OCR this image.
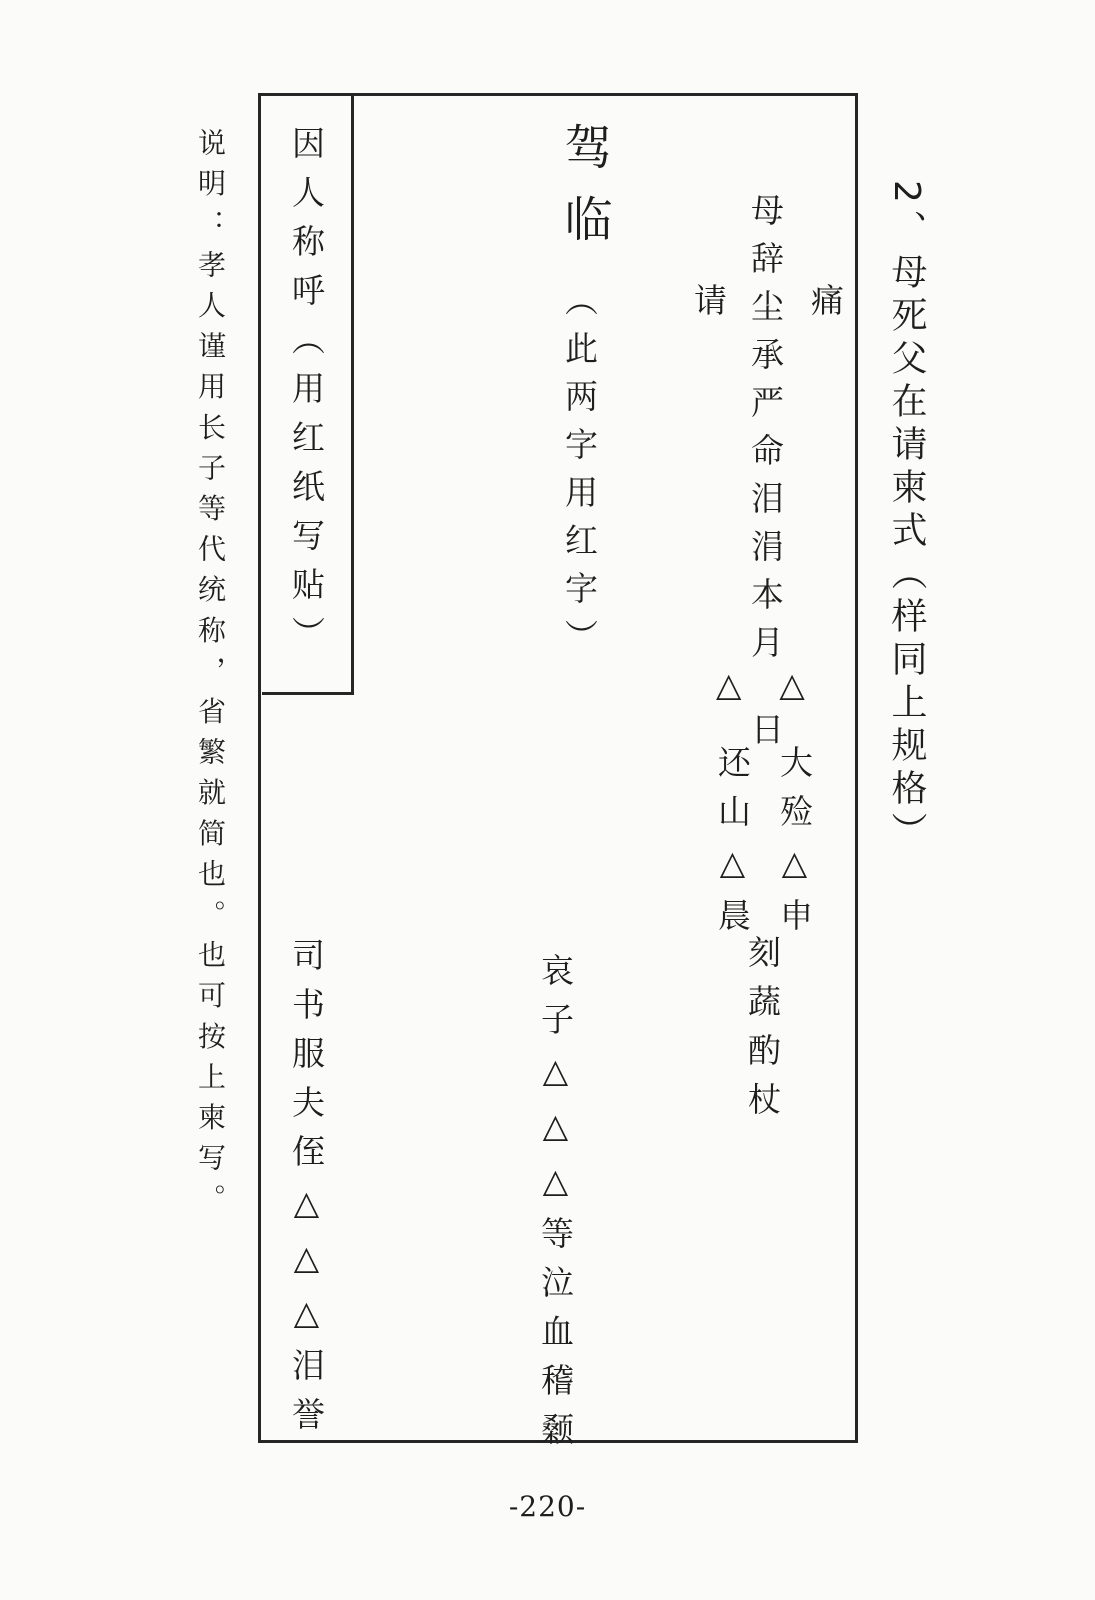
2、母死父在请柬式（样同上规格）
痛
母辞尘承严命泪涓本月
△△
日
大殓△申
请
还山△晨
刻蔬酌杖
驾临
（此两字用红字）
哀子△△△等泣血稽颡
因人称呼（用红纸写贴）
司书服夫侄△△△泪誉
说明：孝人谨用长子等代统称，省繁就简也。也可按上柬写。
-220-
